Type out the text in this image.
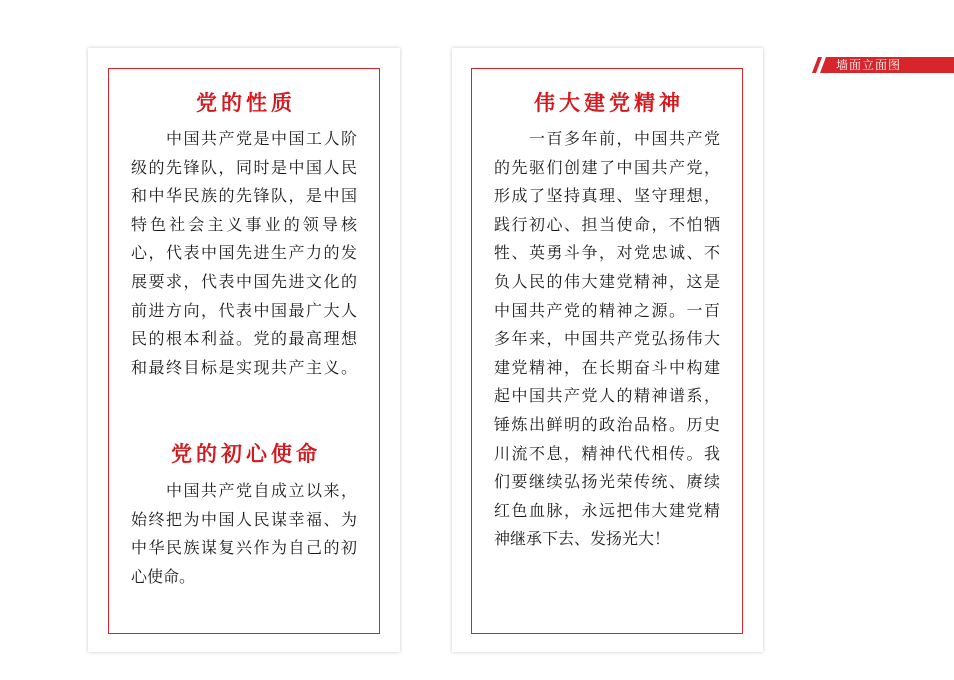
墙面立面图
党的性质
中国共产党是中国工人阶
级的先锋队，同时是中国人民
和中华民族的先锋队，是中国
特色社会主义事业的领导核
心，代表中国先进生产力的发
展要求，代表中国先进文化的
前进方向，代表中国最广大人
民的根本利益。党的最高理想
和最终目标是实现共产主义。
党的初心使命
中国共产党自成立以来，
始终把为中国人民谋幸福、为
中华民族谋复兴作为自己的初
心使命。
伟大建党精神
一百多年前，中国共产党
的先驱们创建了中国共产党，
形成了坚持真理、坚守理想，
践行初心、担当使命，不怕牺
牲、英勇斗争，对党忠诚、不
负人民的伟大建党精神，这是
中国共产党的精神之源。一百
多年来，中国共产党弘扬伟大
建党精神，在长期奋斗中构建
起中国共产党人的精神谱系，
锤炼出鲜明的政治品格。历史
川流不息，精神代代相传。我
们要继续弘扬光荣传统、赓续
红色血脉，永远把伟大建党精
神继承下去、发扬光大！
